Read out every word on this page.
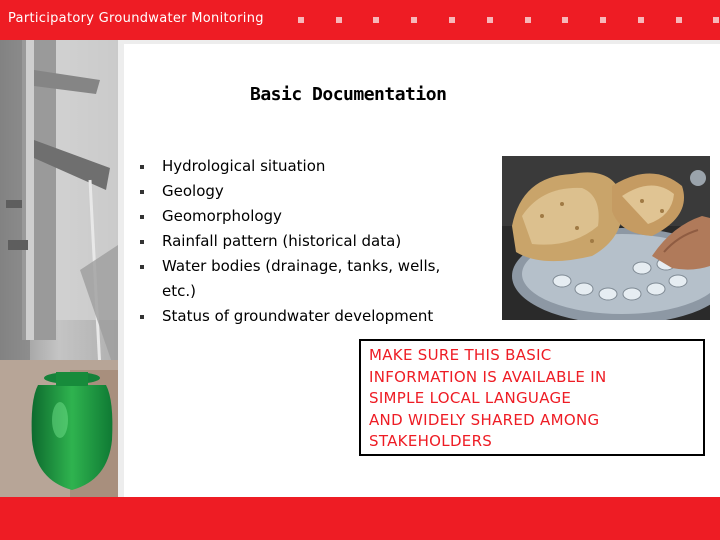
Participatory Groundwater Monitoring
Basic Documentation
Hydrological situation
Geology
Geomorphology
Rainfall pattern (historical data)
Water bodies (drainage, tanks, wells, etc.)
Status of groundwater development

MAKE SURE THIS BASIC
INFORMATION IS AVAILABLE IN
SIMPLE LOCAL LANGUAGE
AND WIDELY SHARED AMONG
STAKEHOLDERS
